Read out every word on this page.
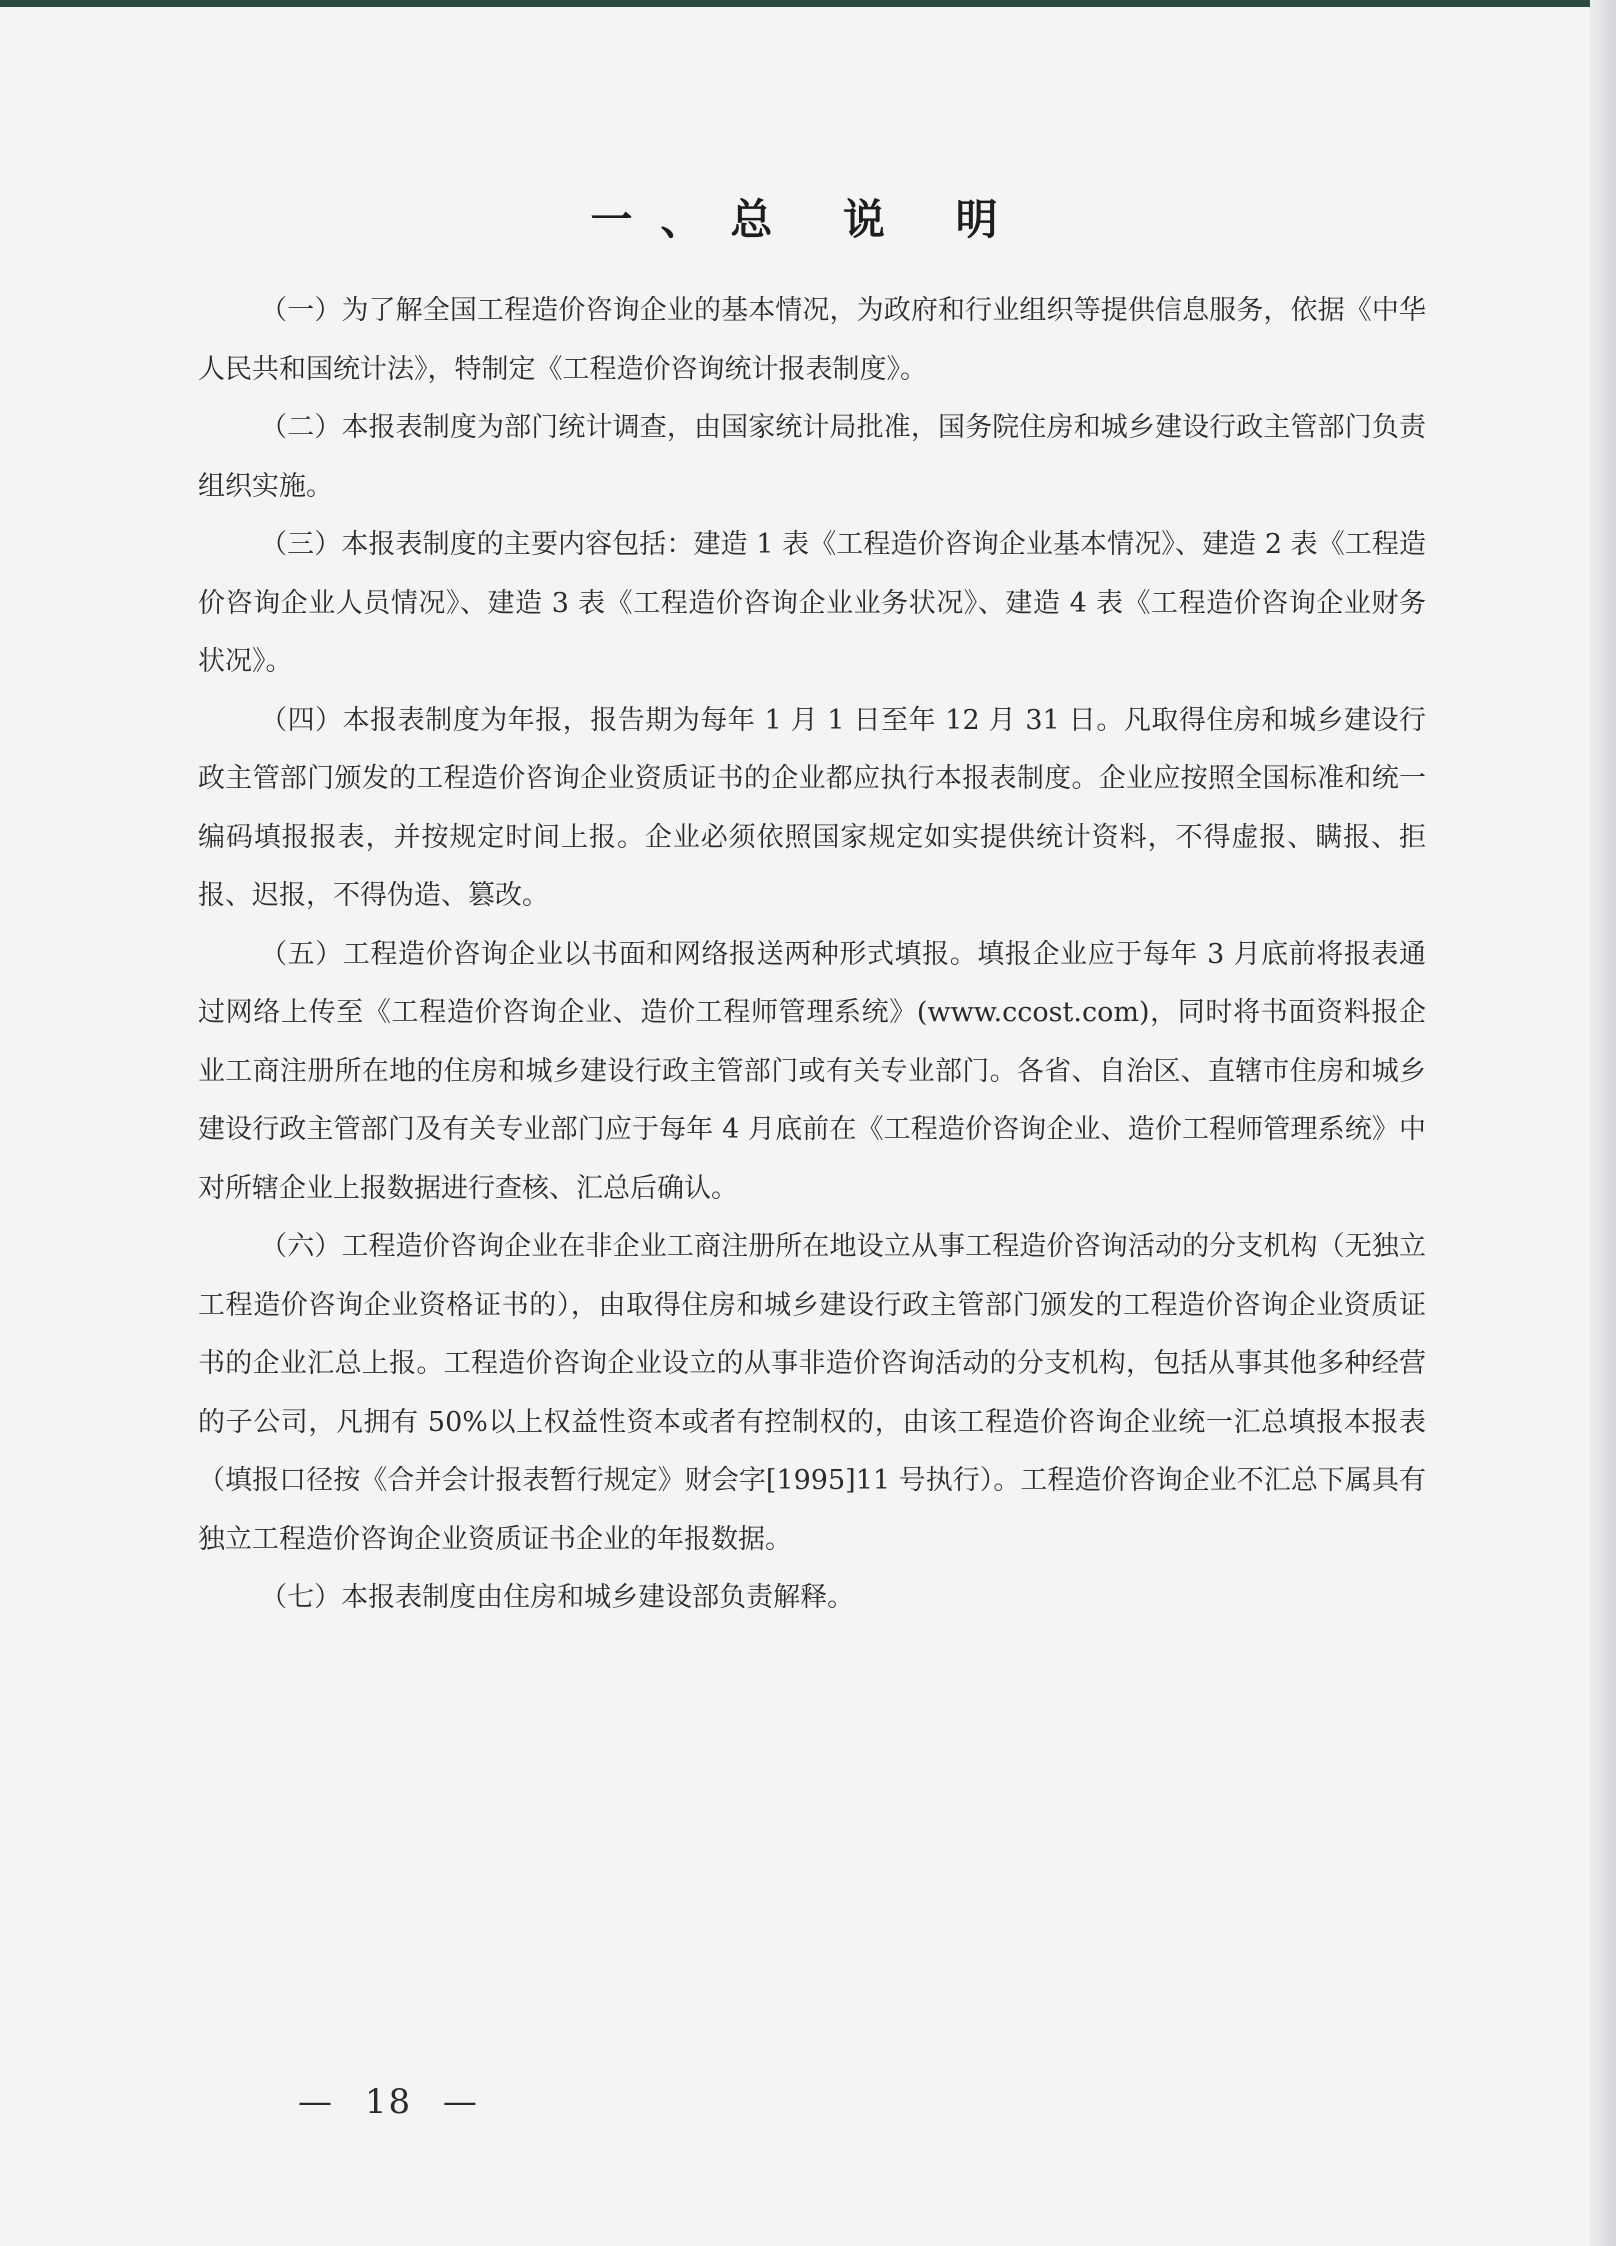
一、总 说 明

（一）为了解全国工程造价咨询企业的基本情况，为政府和行业组织等提供信息服务，依据《中华人民共和国统计法》，特制定《工程造价咨询统计报表制度》。

（二）本报表制度为部门统计调查，由国家统计局批准，国务院住房和城乡建设行政主管部门负责组织实施。

（三）本报表制度的主要内容包括：建造 1 表《工程造价咨询企业基本情况》、建造 2 表《工程造价咨询企业人员情况》、建造 3 表《工程造价咨询企业业务状况》、建造 4 表《工程造价咨询企业财务状况》。

（四）本报表制度为年报，报告期为每年 1 月 1 日至年 12 月 31 日。凡取得住房和城乡建设行政主管部门颁发的工程造价咨询企业资质证书的企业都应执行本报表制度。企业应按照全国标准和统一编码填报报表，并按规定时间上报。企业必须依照国家规定如实提供统计资料，不得虚报、瞒报、拒报、迟报，不得伪造、篡改。

（五）工程造价咨询企业以书面和网络报送两种形式填报。填报企业应于每年 3 月底前将报表通过网络上传至《工程造价咨询企业、造价工程师管理系统》(www.ccost.com)，同时将书面资料报企业工商注册所在地的住房和城乡建设行政主管部门或有关专业部门。各省、自治区、直辖市住房和城乡建设行政主管部门及有关专业部门应于每年 4 月底前在《工程造价咨询企业、造价工程师管理系统》中对所辖企业上报数据进行查核、汇总后确认。

（六）工程造价咨询企业在非企业工商注册所在地设立从事工程造价咨询活动的分支机构（无独立工程造价咨询企业资格证书的），由取得住房和城乡建设行政主管部门颁发的工程造价咨询企业资质证书的企业汇总上报。工程造价咨询企业设立的从事非造价咨询活动的分支机构，包括从事其他多种经营的子公司，凡拥有 50%以上权益性资本或者有控制权的，由该工程造价咨询企业统一汇总填报本报表（填报口径按《合并会计报表暂行规定》财会字[1995]11 号执行）。工程造价咨询企业不汇总下属具有独立工程造价咨询企业资质证书企业的年报数据。

（七）本报表制度由住房和城乡建设部负责解释。

— 18 —
